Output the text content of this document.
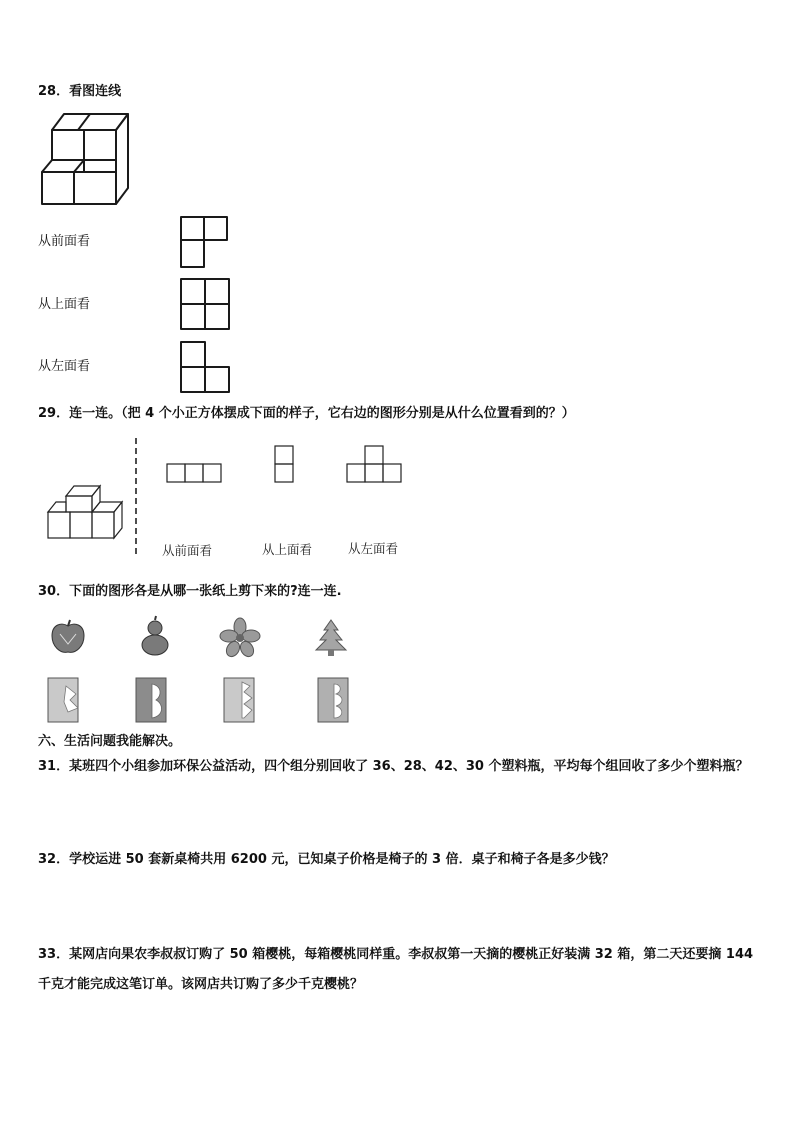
28．看图连线
从前面看
从上面看
从左面看
29．连一连。（把 4 个小正方体摆成下面的样子，它右边的图形分别是从什么位置看到的？）
从前面看	从上面看	从左面看
30．下面的图形各是从哪一张纸上剪下来的?连一连.
六、生活问题我能解决。
31．某班四个小组参加环保公益活动，四个组分别回收了 36、28、42、30 个塑料瓶，平均每个组回收了多少个塑料瓶？
32．学校运进 50 套新桌椅共用 6200 元，已知桌子价格是椅子的 3 倍．桌子和椅子各是多少钱？
33．某网店向果农李叔叔订购了 50 箱樱桃，每箱樱桃同样重。李叔叔第一天摘的樱桃正好装满 32 箱，第二天还要摘 144
千克才能完成这笔订单。该网店共订购了多少千克樱桃？
